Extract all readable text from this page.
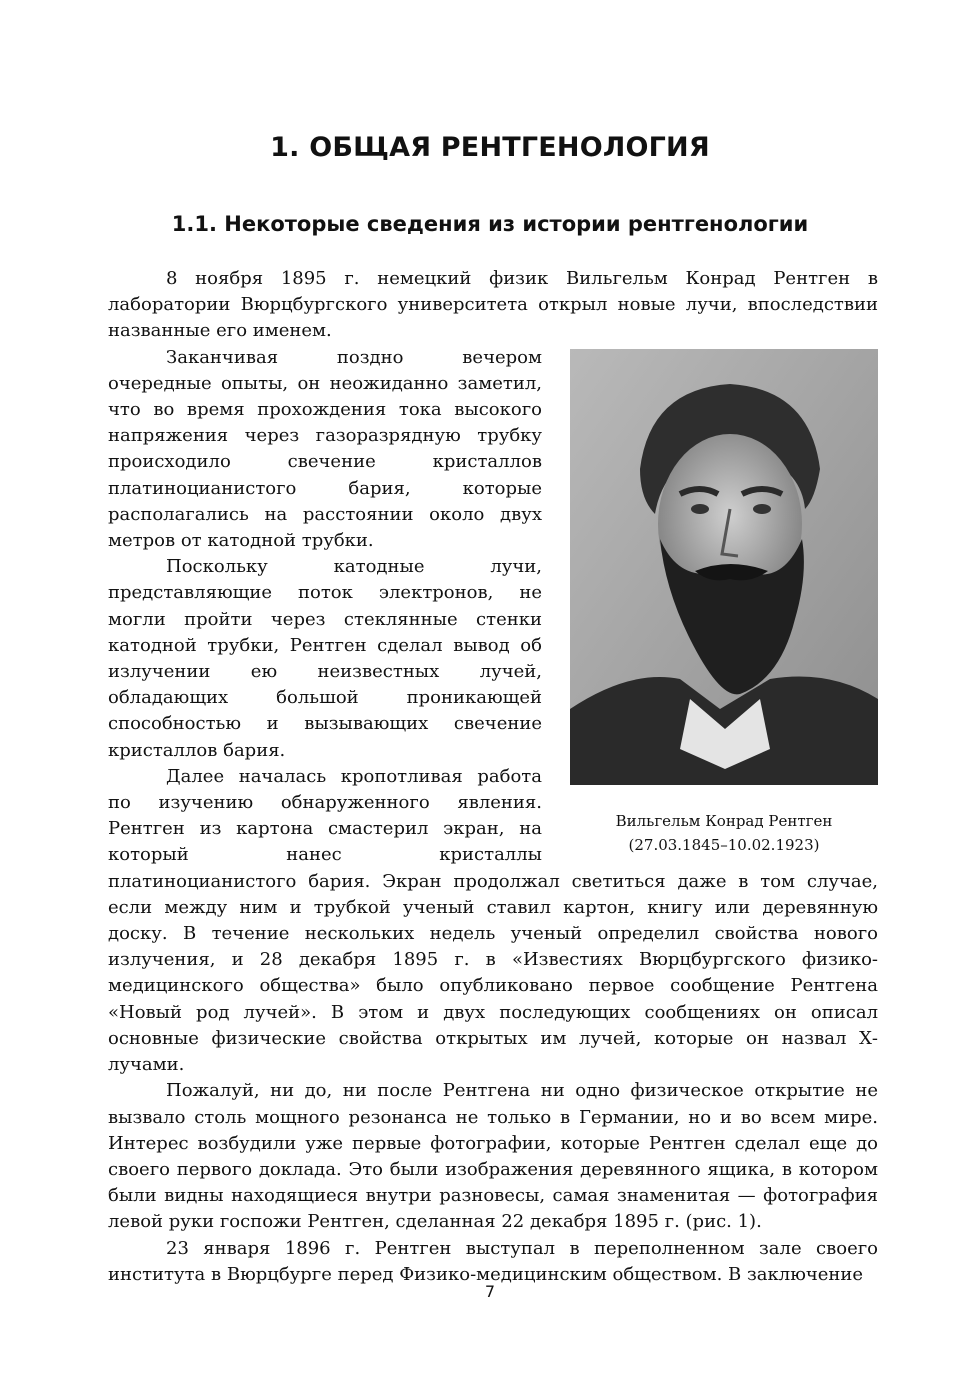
1. ОБЩАЯ РЕНТГЕНОЛОГИЯ
1.1. Некоторые сведения из истории рентгенологии

8 ноября 1895 г. немецкий физик Вильгельм Конрад Рентген в лаборатории Вюрцбургского университета открыл новые лучи, впоследствии названные его именем.

Вильгельм Конрад Рентген
(27.03.1845–10.02.1923)

Заканчивая поздно вечером очередные опыты, он неожиданно заметил, что во время прохождения тока высокого напряжения через газоразрядную трубку происходило свечение кристаллов платиноцианистого бария, которые располагались на расстоянии около двух метров от катодной трубки.

Поскольку катодные лучи, представляющие поток электронов, не могли пройти через стеклянные стенки катодной трубки, Рентген сделал вывод об излучении ею неизвестных лучей, обладающих большой проникающей способностью и вызывающих свечение кристаллов бария.

Далее началась кропотливая работа по изучению обнаруженного явления. Рентген из картона смастерил экран, на который нанес кристаллы платиноцианистого бария. Экран продолжал светиться даже в том случае, если между ним и трубкой ученый ставил картон, книгу или деревянную доску. В течение нескольких недель ученый определил свойства нового излучения, и 28 декабря 1895 г. в «Известиях Вюрцбургского физико-медицинского общества» было опубликовано первое сообщение Рентгена «Новый род лучей». В этом и двух последующих сообщениях он описал основные физические свойства открытых им лучей, которые он назвал Х-лучами.

Пожалуй, ни до, ни после Рентгена ни одно физическое открытие не вызвало столь мощного резонанса не только в Германии, но и во всем мире. Интерес возбудили уже первые фотографии, которые Рентген сделал еще до своего первого доклада. Это были изображения деревянного ящика, в котором были видны находящиеся внутри разновесы, самая знаменитая — фотография левой руки госпожи Рентген, сделанная 22 декабря 1895 г. (рис. 1).

23 января 1896 г. Рентген выступал в переполненном зале своего института в Вюрцбурге перед Физико-медицинским обществом. В заключение

7
